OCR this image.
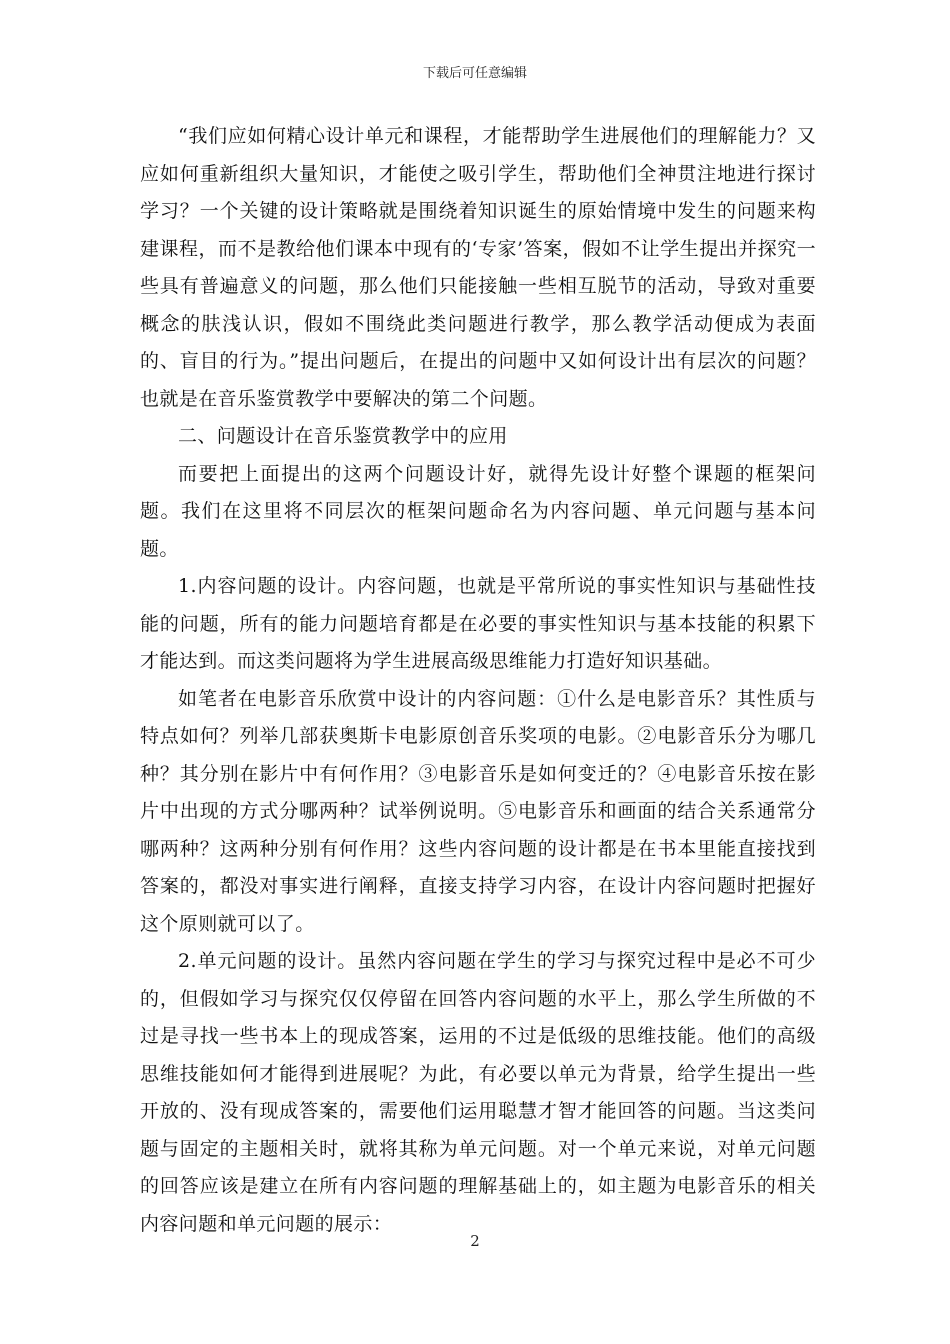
下载后可任意编辑

“我们应如何精心设计单元和课程，才能帮助学生进展他们的理解能力？又应如何重新组织大量知识，才能使之吸引学生，帮助他们全神贯注地进行探讨学习？一个关键的设计策略就是围绕着知识诞生的原始情境中发生的问题来构建课程，而不是教给他们课本中现有的‘专家’答案，假如不让学生提出并探究一些具有普遍意义的问题，那么他们只能接触一些相互脱节的活动，导致对重要概念的肤浅认识，假如不围绕此类问题进行教学，那么教学活动便成为表面的、盲目的行为。”提出问题后，在提出的问题中又如何设计出有层次的问题？也就是在音乐鉴赏教学中要解决的第二个问题。

二、问题设计在音乐鉴赏教学中的应用

而要把上面提出的这两个问题设计好，就得先设计好整个课题的框架问题。我们在这里将不同层次的框架问题命名为内容问题、单元问题与基本问题。

1.内容问题的设计。内容问题，也就是平常所说的事实性知识与基础性技能的问题，所有的能力问题培育都是在必要的事实性知识与基本技能的积累下才能达到。而这类问题将为学生进展高级思维能力打造好知识基础。

如笔者在电影音乐欣赏中设计的内容问题：①什么是电影音乐？其性质与特点如何？列举几部获奥斯卡电影原创音乐奖项的电影。②电影音乐分为哪几种？其分别在影片中有何作用？③电影音乐是如何变迁的？④电影音乐按在影片中出现的方式分哪两种？试举例说明。⑤电影音乐和画面的结合关系通常分哪两种？这两种分别有何作用？这些内容问题的设计都是在书本里能直接找到答案的，都没对事实进行阐释，直接支持学习内容，在设计内容问题时把握好这个原则就可以了。

2.单元问题的设计。虽然内容问题在学生的学习与探究过程中是必不可少的，但假如学习与探究仅仅停留在回答内容问题的水平上，那么学生所做的不过是寻找一些书本上的现成答案，运用的不过是低级的思维技能。他们的高级思维技能如何才能得到进展呢？为此，有必要以单元为背景，给学生提出一些开放的、没有现成答案的，需要他们运用聪慧才智才能回答的问题。当这类问题与固定的主题相关时，就将其称为单元问题。对一个单元来说，对单元问题的回答应该是建立在所有内容问题的理解基础上的，如主题为电影音乐的相关内容问题和单元问题的展示：

2
